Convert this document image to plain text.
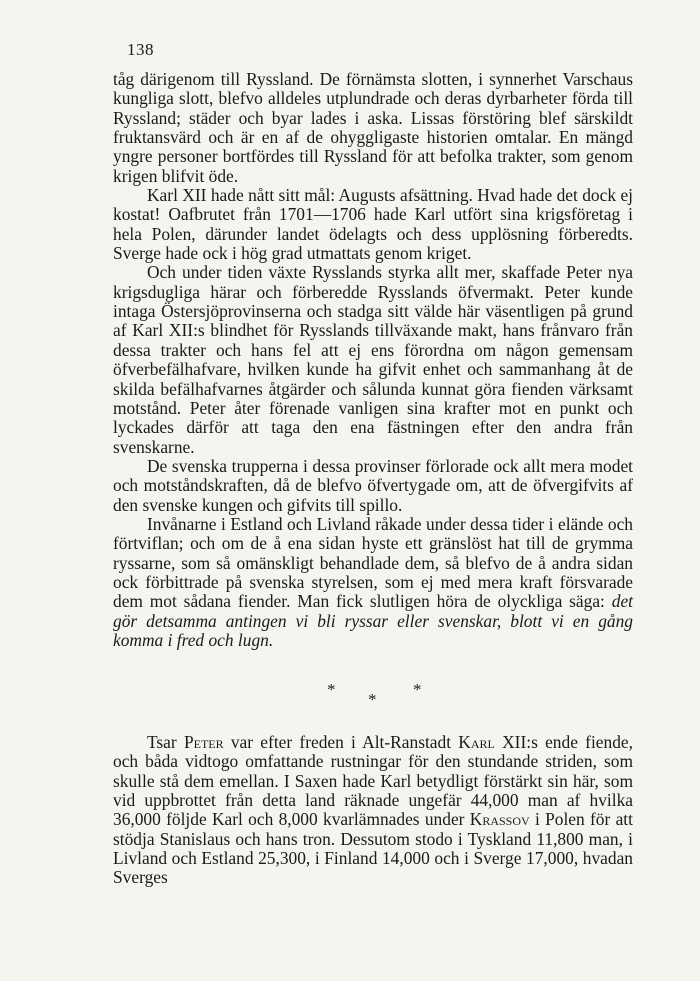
138

tåg därigenom till Ryssland. De förnämsta slotten, i synnerhet Varschaus kungliga slott, blefvo alldeles utplundrade och deras dyrbarheter förda till Ryssland; städer och byar lades i aska. Lissas förstöring blef särskildt fruktansvärd och är en af de ohyggligaste historien omtalar. En mängd yngre personer bortfördes till Ryssland för att befolka trakter, som genom krigen blifvit öde.

Karl XII hade nått sitt mål: Augusts afsättning. Hvad hade det dock ej kostat! Oafbrutet från 1701—1706 hade Karl utfört sina krigsföretag i hela Polen, därunder landet ödelagts och dess upplösning förberedts. Sverge hade ock i hög grad utmattats genom kriget.

Och under tiden växte Rysslands styrka allt mer, skaffade Peter nya krigsdugliga härar och förberedde Rysslands öfvermakt. Peter kunde intaga Östersjöprovinserna och stadga sitt välde här väsentligen på grund af Karl XII:s blindhet för Rysslands tillväxande makt, hans frånvaro från dessa trakter och hans fel att ej ens förordna om någon gemensam öfverbefälhafvare, hvilken kunde ha gifvit enhet och sammanhang åt de skilda befälhafvarnes åtgärder och sålunda kunnat göra fienden värksamt motstånd. Peter åter förenade vanligen sina krafter mot en punkt och lyckades därför att taga den ena fästningen efter den andra från svenskarne.

De svenska trupperna i dessa provinser förlorade ock allt mera modet och motståndskraften, då de blefvo öfvertygade om, att de öfvergifvits af den svenske kungen och gifvits till spillo.

Invånarne i Estland och Livland råkade under dessa tider i elände och förtviflan; och om de å ena sidan hyste ett gränslöst hat till de grymma ryssarne, som så omänskligt behandlade dem, så blefvo de å andra sidan ock förbittrade på svenska styrelsen, som ej med mera kraft försvarade dem mot sådana fiender. Man fick slutligen höra de olyckliga säga: det gör detsamma antingen vi bli ryssar eller svenskar, blott vi en gång komma i fred och lugn.

*	*
*

Tsar Peter var efter freden i Alt-Ranstadt Karl XII:s ende fiende, och båda vidtogo omfattande rustningar för den stundande striden, som skulle stå dem emellan. I Saxen hade Karl betydligt förstärkt sin här, som vid uppbrottet från detta land räknade ungefär 44,000 man af hvilka 36,000 följde Karl och 8,000 kvarlämnades under Krassov i Polen för att stödja Stanislaus och hans tron. Dessutom stodo i Tyskland 11,800 man, i Livland och Estland 25,300, i Finland 14,000 och i Sverge 17,000, hvadan Sverges
